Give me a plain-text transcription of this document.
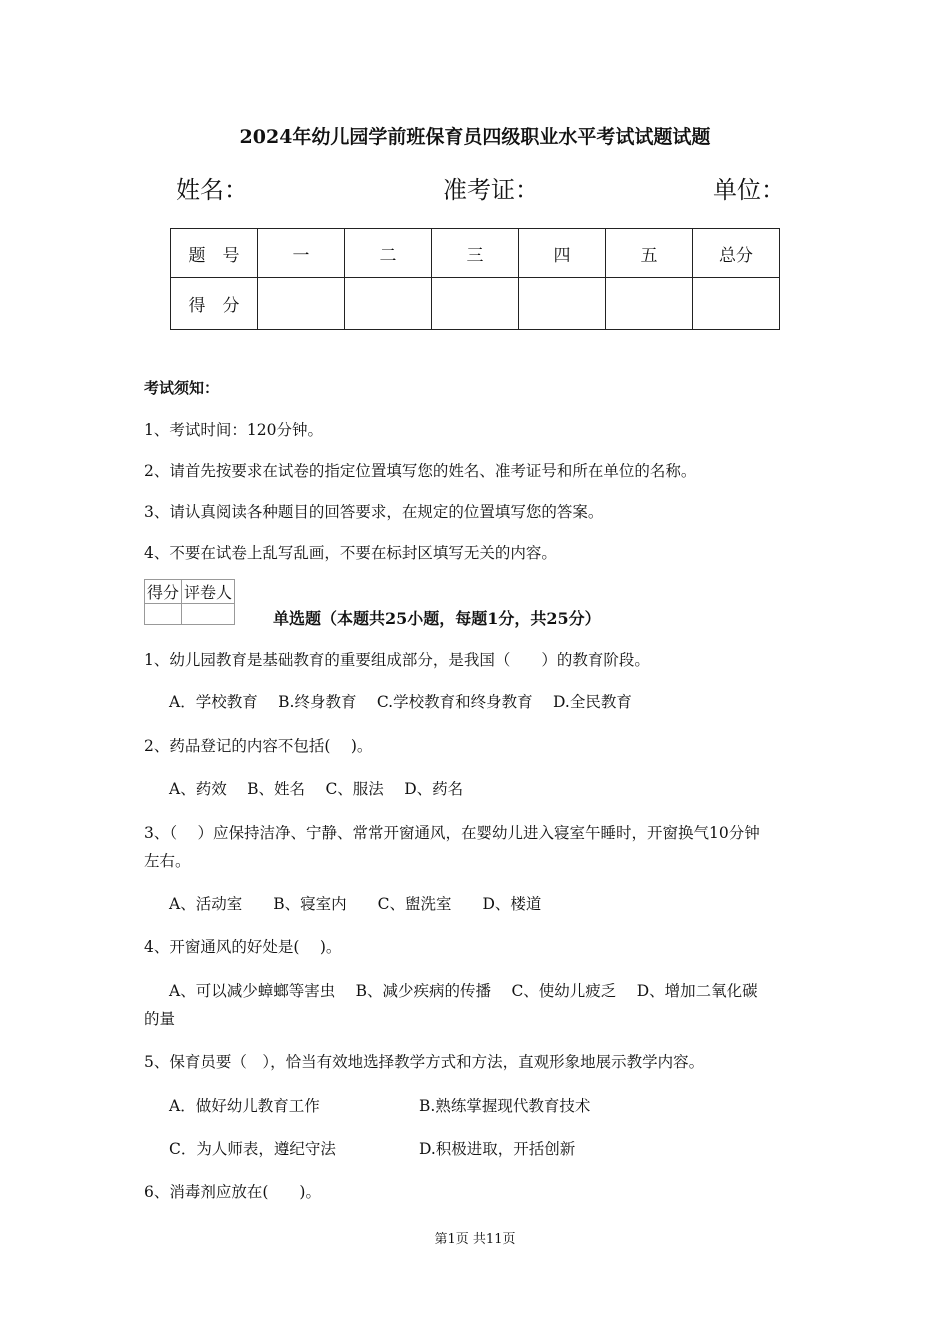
2024年幼儿园学前班保育员四级职业水平考试试题试题
姓名：	准考证：	单位：
题　号	一	二	三	四	五	总分
得　分						
考试须知：
1、考试时间：120分钟。
2、请首先按要求在试卷的指定位置填写您的姓名、准考证号和所在单位的名称。
3、请认真阅读各种题目的回答要求，在规定的位置填写您的答案。
4、不要在试卷上乱写乱画，不要在标封区填写无关的内容。
得分	评卷人

单选题（本题共25小题，每题1分，共25分）
1、幼儿园教育是基础教育的重要组成部分，是我国（　　）的教育阶段。
A．学校教育　 B.终身教育　 C.学校教育和终身教育　 D.全民教育
2、药品登记的内容不包括(　 )。
A、药效　 B、姓名　 C、服法　 D、药名
3、（　 ）应保持洁净、宁静、常常开窗通风，在婴幼儿进入寝室午睡时，开窗换气10分钟
左右。
A、活动室　　B、寝室内　　C、盥洗室　　D、楼道
4、开窗通风的好处是(　 )。
A、可以减少蟑螂等害虫　 B、减少疾病的传播　 C、使幼儿疲乏　 D、增加二氧化碳
的量
5、保育员要（　），恰当有效地选择教学方式和方法，直观形象地展示教学内容。
A．做好幼儿教育工作	B.熟练掌握现代教育技术
C．为人师表，遵纪守法	D.积极进取，开括创新
6、消毒剂应放在(　　)。
第1页 共11页
